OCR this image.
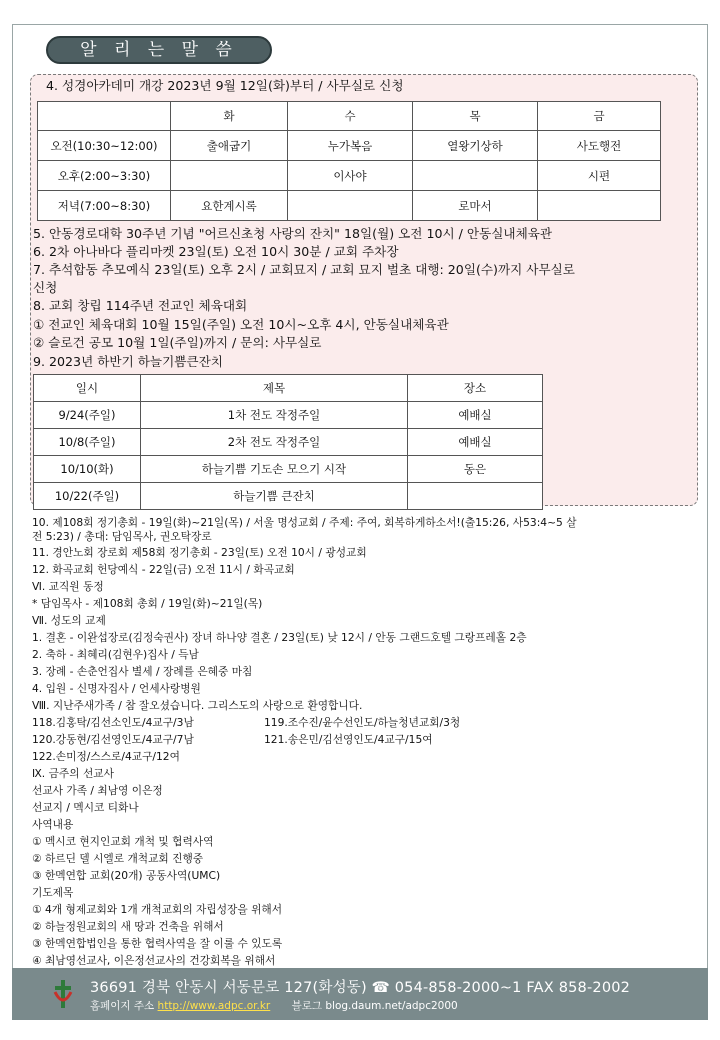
알 리 는 말 씀
4. 성경아카데미 개강 2023년 9월 12일(화)부터 / 사무실로 신청
	화	수	목	금
오전(10:30~12:00)	출애굽기	누가복음	열왕기상하	사도행전
오후(2:00~3:30)		이사야		시편
저녁(7:00~8:30)	요한계시록		로마서	
5. 안동경로대학 30주년 기념 "어르신초청 사랑의 잔치" 18일(월) 오전 10시 / 안동실내체육관
6. 2차 아나바다 플리마켓 23일(토) 오전 10시 30분 / 교회 주차장
7. 추석합동 추모예식 23일(토) 오후 2시 / 교회묘지 / 교회 묘지 벌초 대행: 20일(수)까지 사무실로
신청
8. 교회 창립 114주년 전교인 체육대회
① 전교인 체육대회 10월 15일(주일) 오전 10시~오후 4시, 안동실내체육관
② 슬로건 공모 10월 1일(주일)까지 / 문의: 사무실로
9. 2023년 하반기 하늘기쁨큰잔치
일시	제목	장소
9/24(주일)	1차 전도 작정주일	예배실
10/8(주일)	2차 전도 작정주일	예배실
10/10(화)	하늘기쁨 기도손 모으기 시작	동은
10/22(주일)	하늘기쁨 큰잔치	
10. 제108회 정기총회 - 19일(화)~21일(목) / 서울 명성교회 / 주제: 주여, 회복하게하소서!(출15:26, 사53:4~5 살
전 5:23) / 총대: 담임목사, 권오탁장로
11. 경안노회 장로회 제58회 정기총회 - 23일(토) 오전 10시 / 광성교회
12. 화곡교회 헌당예식 - 22일(금) 오전 11시 / 화곡교회
Ⅵ. 교직원 동정
* 담임목사 - 제108회 총회 / 19일(화)~21일(목)
Ⅶ. 성도의 교제
1. 결혼 - 이완섭장로(김정숙권사) 장녀 하나양 결혼 / 23일(토) 낮 12시 / 안동 그랜드호텔 그랑프레홀 2층
2. 축하 - 최혜리(김현우)집사 / 득남
3. 장례 - 손춘언집사 별세 / 장례를 은혜중 마침
4. 입원 - 신명자집사 / 언세사랑병원
Ⅷ. 지난주새가족 / 참 잘오셨습니다. 그리스도의 사랑으로 환영합니다.
118.김홍탁/김선소인도/4교구/3남	119.조수진/윤수선인도/하늘청년교회/3청
120.강동현/김선영인도/4교구/7남	121.송은민/김선영인도/4교구/15여
122.손미정/스스로/4교구/12여
Ⅸ. 금주의 선교사
선교사 가족 / 최남영 이은정
선교지 / 멕시코 티화나
사역내용
① 멕시코 현지인교회 개척 및 협력사역
② 하르딘 델 시엘로 개척교회 진행중
③ 한멕연합 교회(20개) 공동사역(UMC)
기도제목
① 4개 형제교회와 1개 개척교회의 자립성장을 위해서
② 하늘정원교회의 새 땅과 건축을 위해서
③ 한멕연합법인을 통한 협력사역을 잘 이룰 수 있도록
④ 최남영선교사, 이은정선교사의 건강회복을 위해서
36691 경북 안동시 서동문로 127(화성동) ☎ 054-858-2000~1 FAX 858-2002
홈페이지 주소 http://www.adpc.or.kr 블로그 blog.daum.net/adpc2000
